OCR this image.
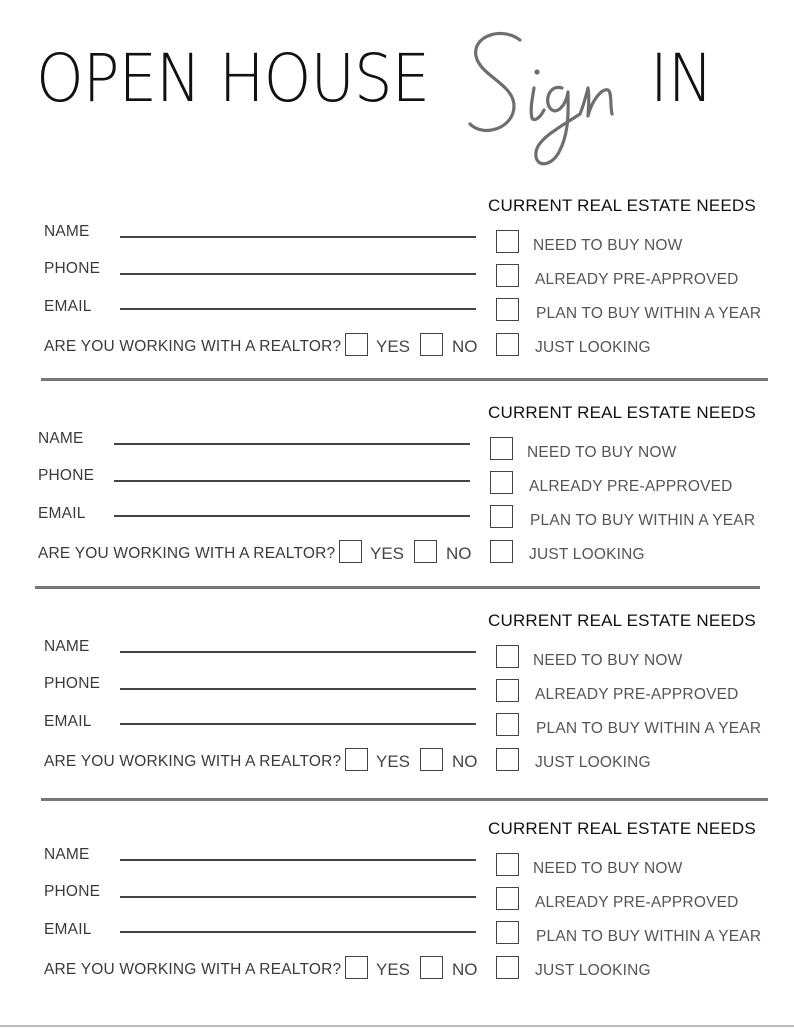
OPEN HOUSE	IN
CURRENT REAL ESTATE NEEDS
NAME
PHONE
EMAIL
ARE YOU WORKING WITH A REALTOR? YES NO
NEED TO BUY NOW
ALREADY PRE-APPROVED
PLAN TO BUY WITHIN A YEAR
JUST LOOKING
CURRENT REAL ESTATE NEEDS
NAME
PHONE
EMAIL
ARE YOU WORKING WITH A REALTOR? YES NO
NEED TO BUY NOW
ALREADY PRE-APPROVED
PLAN TO BUY WITHIN A YEAR
JUST LOOKING
CURRENT REAL ESTATE NEEDS
NAME
PHONE
EMAIL
ARE YOU WORKING WITH A REALTOR? YES NO
NEED TO BUY NOW
ALREADY PRE-APPROVED
PLAN TO BUY WITHIN A YEAR
JUST LOOKING
CURRENT REAL ESTATE NEEDS
NAME
PHONE
EMAIL
ARE YOU WORKING WITH A REALTOR? YES NO
NEED TO BUY NOW
ALREADY PRE-APPROVED
PLAN TO BUY WITHIN A YEAR
JUST LOOKING
